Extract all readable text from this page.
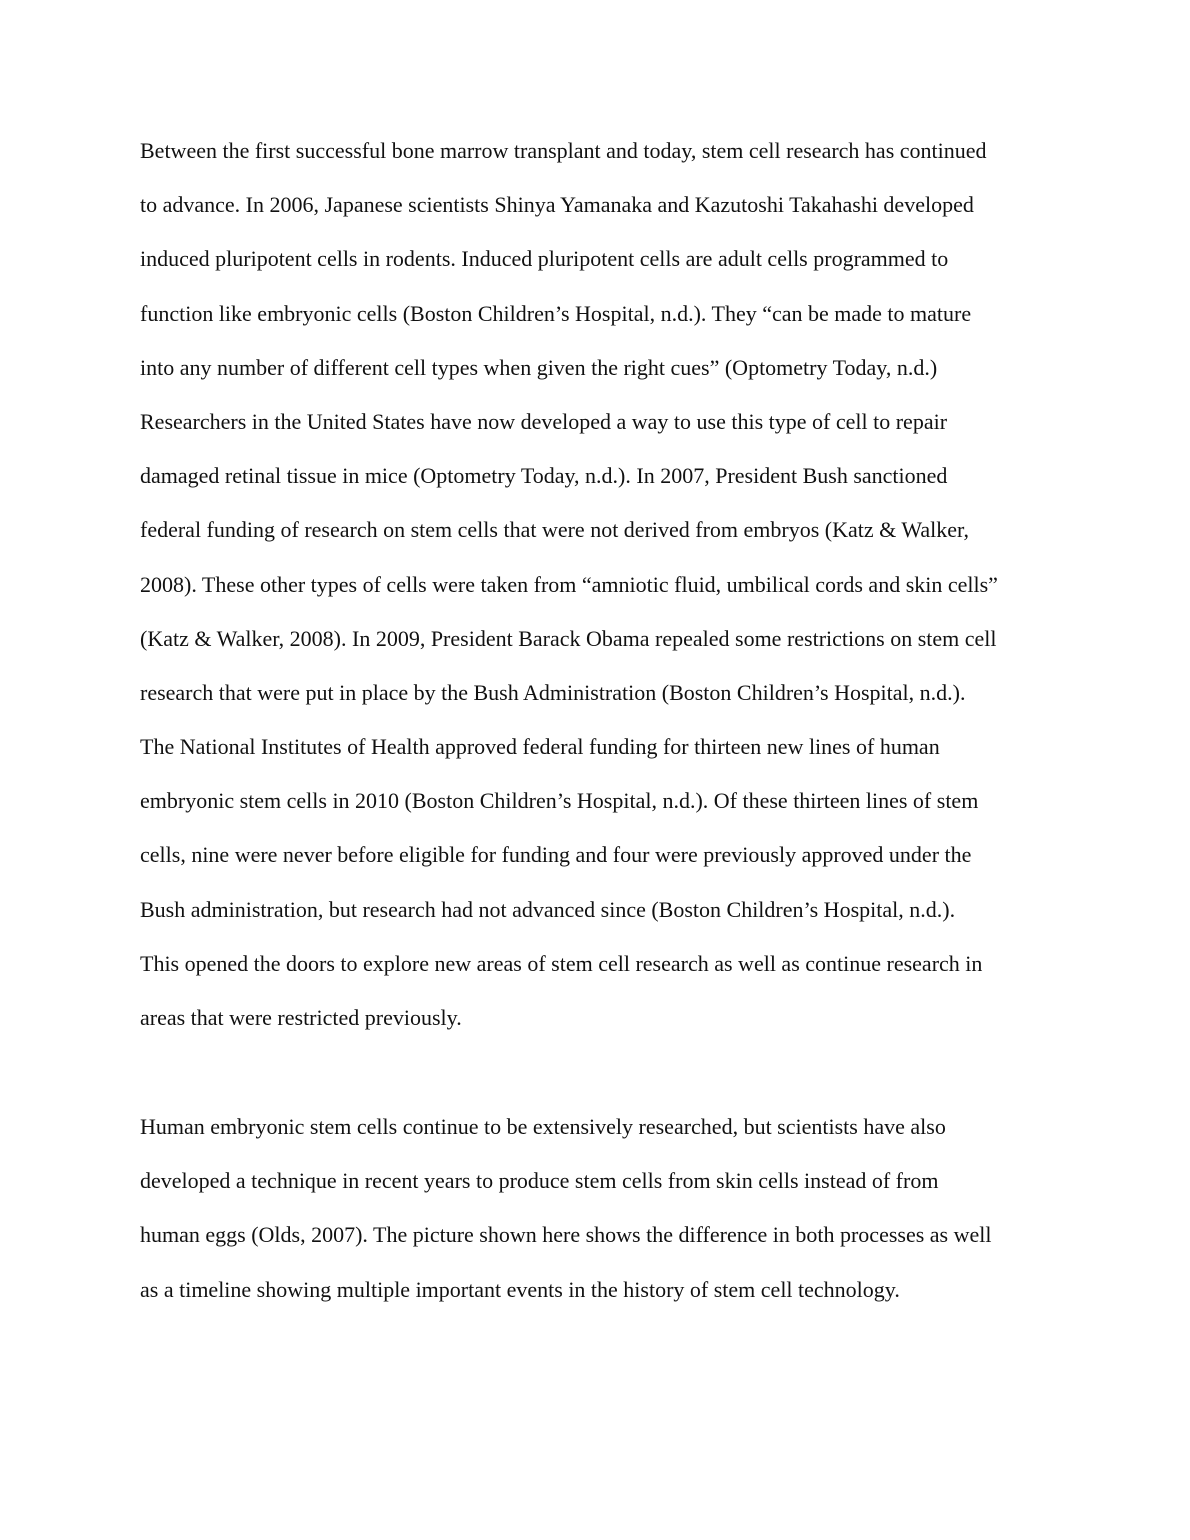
Between the first successful bone marrow transplant and today, stem cell research has continued
to advance. In 2006, Japanese scientists Shinya Yamanaka and Kazutoshi Takahashi developed
induced pluripotent cells in rodents. Induced pluripotent cells are adult cells programmed to
function like embryonic cells (Boston Children’s Hospital, n.d.). They “can be made to mature
into any number of different cell types when given the right cues” (Optometry Today, n.d.)
Researchers in the United States have now developed a way to use this type of cell to repair
damaged retinal tissue in mice (Optometry Today, n.d.). In 2007, President Bush sanctioned
federal funding of research on stem cells that were not derived from embryos (Katz & Walker,
2008). These other types of cells were taken from “amniotic fluid, umbilical cords and skin cells”
(Katz & Walker, 2008). In 2009, President Barack Obama repealed some restrictions on stem cell
research that were put in place by the Bush Administration (Boston Children’s Hospital, n.d.).
The National Institutes of Health approved federal funding for thirteen new lines of human
embryonic stem cells in 2010 (Boston Children’s Hospital, n.d.). Of these thirteen lines of stem
cells, nine were never before eligible for funding and four were previously approved under the
Bush administration, but research had not advanced since (Boston Children’s Hospital, n.d.).
This opened the doors to explore new areas of stem cell research as well as continue research in
areas that were restricted previously.

Human embryonic stem cells continue to be extensively researched, but scientists have also
developed a technique in recent years to produce stem cells from skin cells instead of from
human eggs (Olds, 2007). The picture shown here shows the difference in both processes as well
as a timeline showing multiple important events in the history of stem cell technology.
